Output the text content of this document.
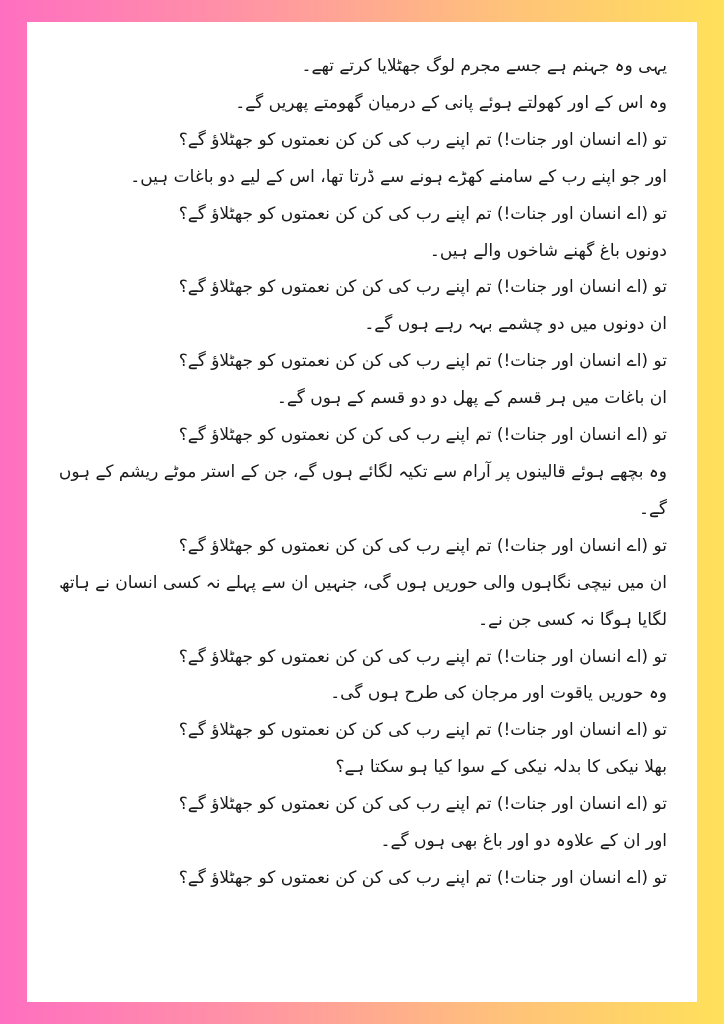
یہی وہ جہنم ہے جسے مجرم لوگ جھٹلایا کرتے تھے۔

وہ اس کے اور کھولتے ہوئے پانی کے درمیان گھومتے پھریں گے۔

تو (اے انسان اور جنات!) تم اپنے رب کی کن کن نعمتوں کو جھٹلاؤ گے؟

اور جو اپنے رب کے سامنے کھڑے ہونے سے ڈرتا تھا، اس کے لیے دو باغات ہیں۔

تو (اے انسان اور جنات!) تم اپنے رب کی کن کن نعمتوں کو جھٹلاؤ گے؟

دونوں باغ گھنے شاخوں والے ہیں۔

تو (اے انسان اور جنات!) تم اپنے رب کی کن کن نعمتوں کو جھٹلاؤ گے؟

ان دونوں میں دو چشمے بہہ رہے ہوں گے۔

تو (اے انسان اور جنات!) تم اپنے رب کی کن کن نعمتوں کو جھٹلاؤ گے؟

ان باغات میں ہر قسم کے پھل دو دو قسم کے ہوں گے۔

تو (اے انسان اور جنات!) تم اپنے رب کی کن کن نعمتوں کو جھٹلاؤ گے؟

وہ بچھے ہوئے قالینوں پر آرام سے تکیہ لگائے ہوں گے، جن کے استر موٹے ریشم کے ہوں گے۔

تو (اے انسان اور جنات!) تم اپنے رب کی کن کن نعمتوں کو جھٹلاؤ گے؟

ان میں نیچی نگاہوں والی حوریں ہوں گی، جنہیں ان سے پہلے نہ کسی انسان نے ہاتھ لگایا ہوگا نہ کسی جن نے۔

تو (اے انسان اور جنات!) تم اپنے رب کی کن کن نعمتوں کو جھٹلاؤ گے؟

وہ حوریں یاقوت اور مرجان کی طرح ہوں گی۔

تو (اے انسان اور جنات!) تم اپنے رب کی کن کن نعمتوں کو جھٹلاؤ گے؟

بھلا نیکی کا بدلہ نیکی کے سوا کیا ہو سکتا ہے؟

تو (اے انسان اور جنات!) تم اپنے رب کی کن کن نعمتوں کو جھٹلاؤ گے؟

اور ان کے علاوہ دو اور باغ بھی ہوں گے۔

تو (اے انسان اور جنات!) تم اپنے رب کی کن کن نعمتوں کو جھٹلاؤ گے؟
